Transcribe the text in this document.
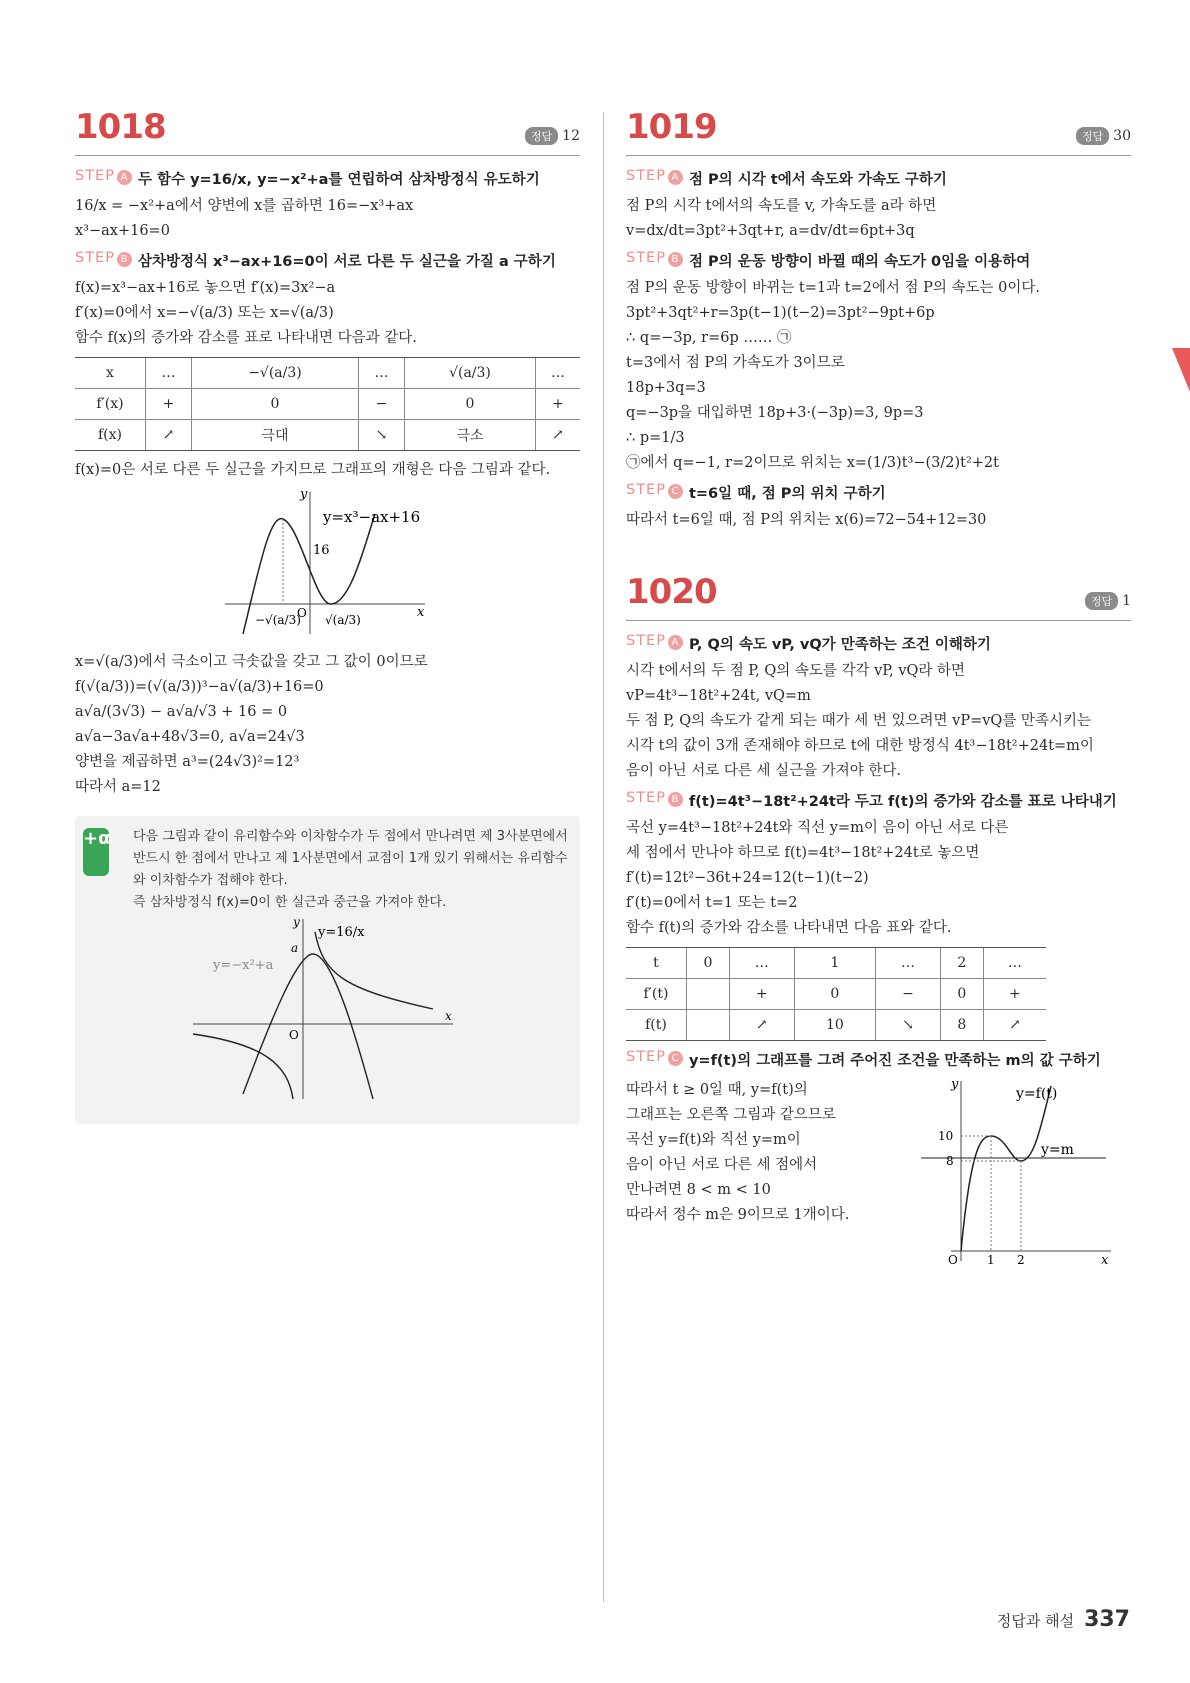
1018	정답 12
STEP A 두 함수 y=16/x, y=−x²+a를 연립하여 삼차방정식 유도하기
16/x = −x²+a에서 양변에 x를 곱하면 16=−x³+ax
x³−ax+16=0
STEP B 삼차방정식 x³−ax+16=0이 서로 다른 두 실근을 가질 a 구하기
f(x)=x³−ax+16로 놓으면 f′(x)=3x²−a
f′(x)=0에서 x=−√(a/3) 또는 x=√(a/3)
함수 f(x)의 증가와 감소를 표로 나타내면 다음과 같다.
x	…	−√(a/3)	…	√(a/3)	…
f′(x)	+	0	−	0	+
f(x)	↗	극대	↘	극소	↗
f(x)=0은 서로 다른 두 실근을 가지므로 그래프의 개형은 다음 그림과 같다.
y=x³−ax+16
16
−√(a/3)
O √(a/3)	x
y
x=√(a/3)에서 극소이고 극솟값을 갖고 그 값이 0이므로
f(√(a/3))=(√(a/3))³−a√(a/3)+16=0
a√a/(3√3) − a√a/√3 + 16 = 0
a√a−3a√a+48√3=0, a√a=24√3
양변을 제곱하면 a³=(24√3)²=12³
따라서 a=12
+α 다음 그림과 같이 유리함수와 이차함수가 두 점에서 만나려면 제 3사분면에서 반드시 한 점에서 만나고 제 1사분면에서 교점이 1개 있기 위해서는 유리함수와 이차함수가 접해야 한다.
즉 삼차방정식 f(x)=0이 한 실근과 중근을 가져야 한다.
y=16/x
y=−x²+a
a
O
x
y
1019	정답 30
STEP A 점 P의 시각 t에서 속도와 가속도 구하기
점 P의 시각 t에서의 속도를 v, 가속도를 a라 하면
v=dx/dt=3pt²+3qt+r, a=dv/dt=6pt+3q
STEP B 점 P의 운동 방향이 바뀔 때의 속도가 0임을 이용하여
점 P의 운동 방향이 바뀌는 t=1과 t=2에서 점 P의 속도는 0이다.
3pt²+3qt²+r=3p(t−1)(t−2)=3pt²−9pt+6p
∴ q=−3p, r=6p …… ㉠
t=3에서 점 P의 가속도가 3이므로
18p+3q=3
q=−3p을 대입하면 18p+3·(−3p)=3, 9p=3
∴ p=1/3
㉠에서 q=−1, r=2이므로 위치는 x=(1/3)t³−(3/2)t²+2t
STEP C t=6일 때, 점 P의 위치 구하기
따라서 t=6일 때, 점 P의 위치는 x(6)=72−54+12=30
1020	정답 1
STEP A P, Q의 속도 vP, vQ가 만족하는 조건 이해하기
시각 t에서의 두 점 P, Q의 속도를 각각 vP, vQ라 하면
vP=4t³−18t²+24t, vQ=m
두 점 P, Q의 속도가 같게 되는 때가 세 번 있으려면 vP=vQ를 만족시키는
시각 t의 값이 3개 존재해야 하므로 t에 대한 방정식 4t³−18t²+24t=m이
음이 아닌 서로 다른 세 실근을 가져야 한다.
STEP B f(t)=4t³−18t²+24t라 두고 f(t)의 증가와 감소를 표로 나타내기
곡선 y=4t³−18t²+24t와 직선 y=m이 음이 아닌 서로 다른
세 점에서 만나야 하므로 f(t)=4t³−18t²+24t로 놓으면
f′(t)=12t²−36t+24=12(t−1)(t−2)
f′(t)=0에서 t=1 또는 t=2
함수 f(t)의 증가와 감소를 나타내면 다음 표와 같다.
t	0	…	1	…	2	…
f′(t)		+	0	−	0	+
f(t)		↗	10	↘	8	↗
STEP C y=f(t)의 그래프를 그려 주어진 조건을 만족하는 m의 값 구하기
따라서 t ≥ 0일 때, y=f(t)의
그래프는 오른쪽 그림과 같으므로
곡선 y=f(t)와 직선 y=m이
음이 아닌 서로 다른 세 점에서
만나려면 8 < m < 10
따라서 정수 m은 9이므로 1개이다.
y=f(t)
y=m
10
8
O 1 2	x
y
정답과 해설 337
